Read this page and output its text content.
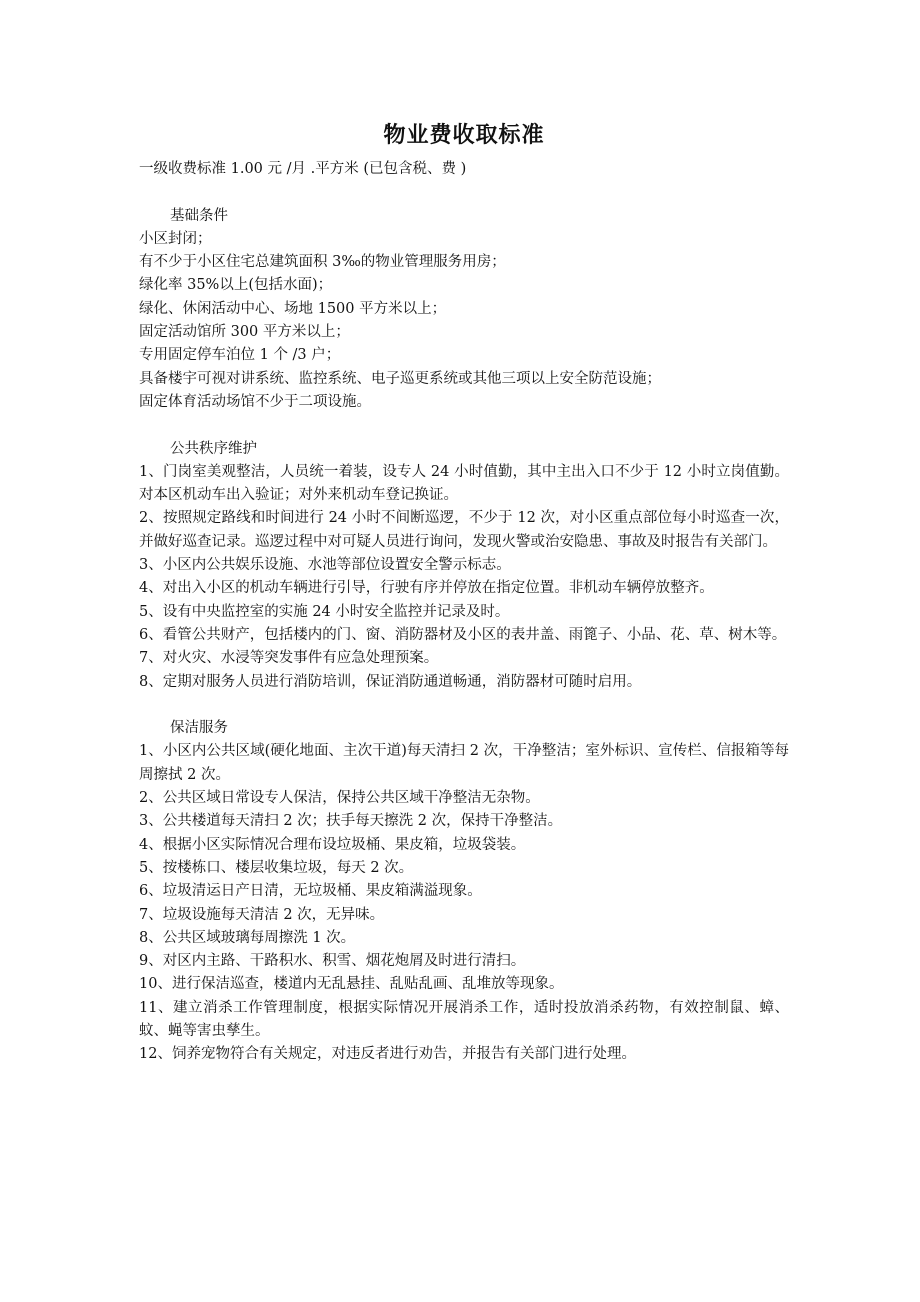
物业费收取标准

一级收费标准 1.00 元 /月 .平方米 (已包含税、费 )

基础条件

小区封闭；

有不少于小区住宅总建筑面积 3‰的物业管理服务用房；

绿化率 35%以上(包括水面)；

绿化、休闲活动中心、场地 1500 平方米以上；

固定活动馆所 300 平方米以上；

专用固定停车泊位 1 个 /3 户；

具备楼宇可视对讲系统、监控系统、电子巡更系统或其他三项以上安全防范设施；

固定体育活动场馆不少于二项设施。

公共秩序维护

1、门岗室美观整洁，人员统一着装，设专人 24 小时值勤，其中主出入口不少于 12 小时立岗值勤。对本区机动车出入验证；对外来机动车登记换证。

2、按照规定路线和时间进行 24 小时不间断巡逻，不少于 12 次，对小区重点部位每小时巡查一次，并做好巡查记录。巡逻过程中对可疑人员进行询问，发现火警或治安隐患、事故及时报告有关部门。

3、小区内公共娱乐设施、水池等部位设置安全警示标志。

4、对出入小区的机动车辆进行引导，行驶有序并停放在指定位置。非机动车辆停放整齐。

5、设有中央监控室的实施 24 小时安全监控并记录及时。

6、看管公共财产，包括楼内的门、窗、消防器材及小区的表井盖、雨篦子、小品、花、草、树木等。

7、对火灾、水浸等突发事件有应急处理预案。

8、定期对服务人员进行消防培训，保证消防通道畅通，消防器材可随时启用。

保洁服务

1、小区内公共区域(硬化地面、主次干道)每天清扫 2 次，干净整洁；室外标识、宣传栏、信报箱等每周擦拭 2 次。

2、公共区域日常设专人保洁，保持公共区域干净整洁无杂物。

3、公共楼道每天清扫 2 次；扶手每天擦洗 2 次，保持干净整洁。

4、根据小区实际情况合理布设垃圾桶、果皮箱，垃圾袋装。

5、按楼栋口、楼层收集垃圾，每天 2 次。

6、垃圾清运日产日清，无垃圾桶、果皮箱满溢现象。

7、垃圾设施每天清洁 2 次，无异味。

8、公共区域玻璃每周擦洗 1 次。

9、对区内主路、干路积水、积雪、烟花炮屑及时进行清扫。

10、进行保洁巡查，楼道内无乱悬挂、乱贴乱画、乱堆放等现象。

11、建立消杀工作管理制度，根据实际情况开展消杀工作，适时投放消杀药物，有效控制鼠、蟑、蚊、蝇等害虫孳生。

12、饲养宠物符合有关规定，对违反者进行劝告，并报告有关部门进行处理。
